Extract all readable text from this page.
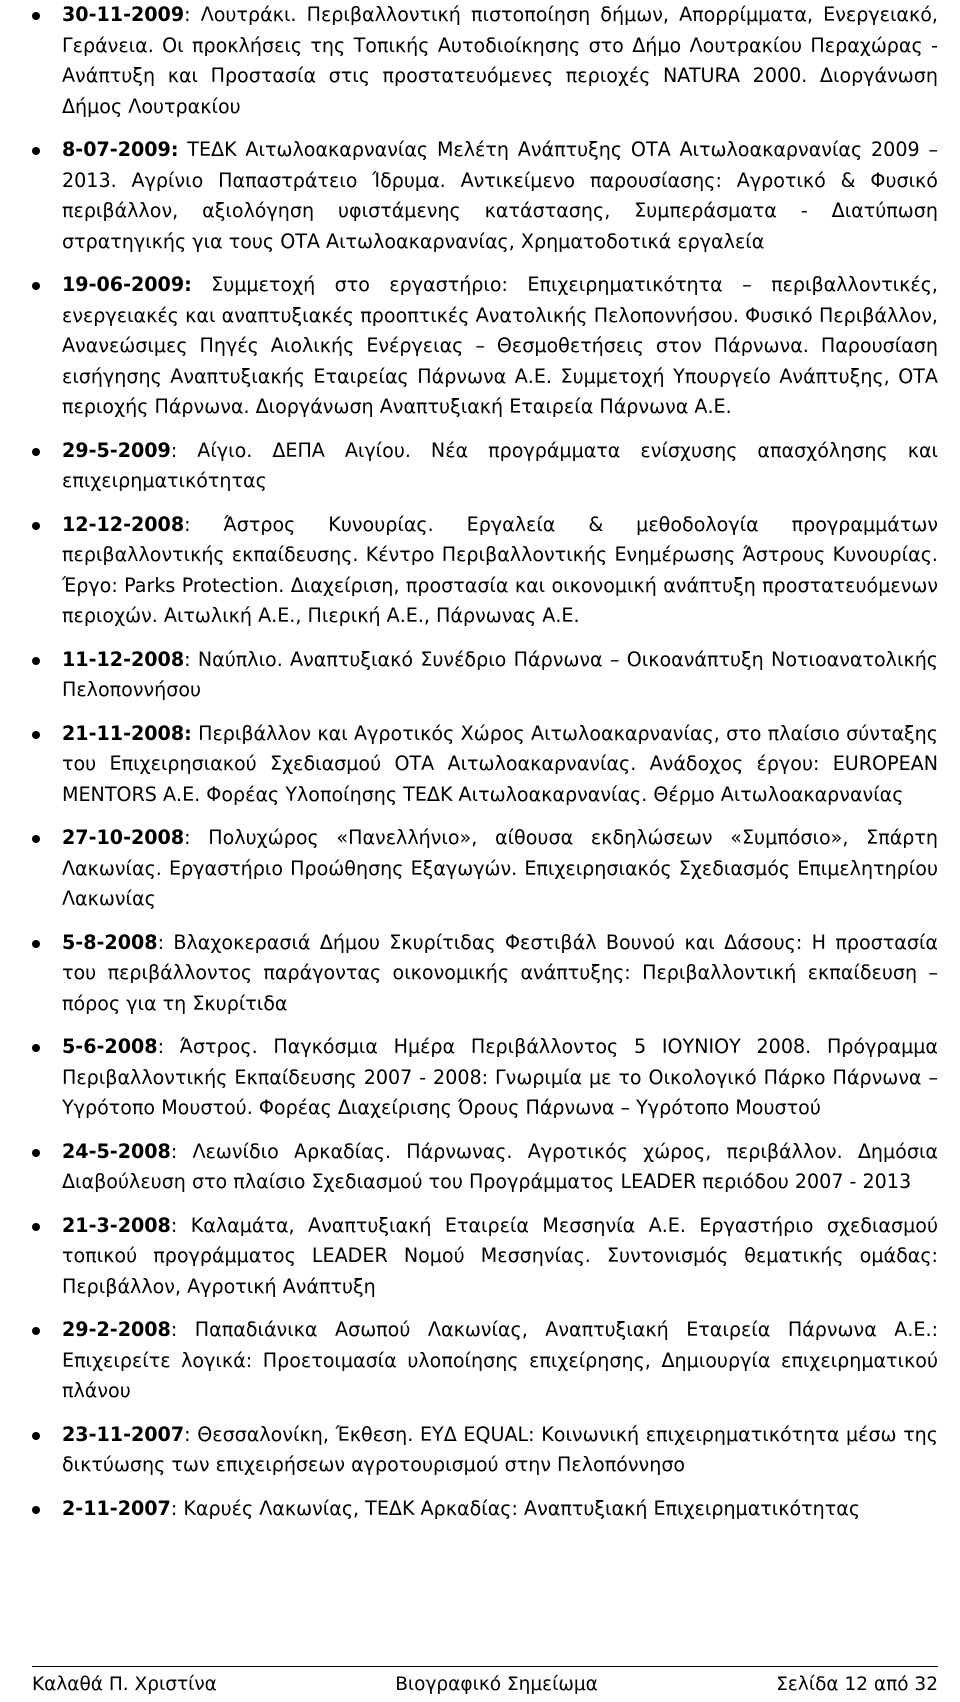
30-11-2009: Λουτράκι. Περιβαλλοντική πιστοποίηση δήμων, Απορρίμματα, Ενεργειακό, Γεράνεια. Οι προκλήσεις της Τοπικής Αυτοδιοίκησης στο Δήμο Λουτρακίου Περαχώρας - Ανάπτυξη και Προστασία στις προστατευόμενες περιοχές NATURA 2000. Διοργάνωση Δήμος Λουτρακίου
8-07-2009: ΤΕΔΚ Αιτωλοακαρνανίας Μελέτη Ανάπτυξης ΟΤΑ Αιτωλοακαρνανίας 2009 – 2013. Αγρίνιο Παπαστράτειο Ίδρυμα. Αντικείμενο παρουσίασης: Αγροτικό & Φυσικό περιβάλλον, αξιολόγηση υφιστάμενης κατάστασης, Συμπεράσματα - Διατύπωση στρατηγικής για τους ΟΤΑ Αιτωλοακαρνανίας, Χρηματοδοτικά εργαλεία
19-06-2009: Συμμετοχή στο εργαστήριο: Επιχειρηματικότητα – περιβαλλοντικές, ενεργειακές και αναπτυξιακές προοπτικές Ανατολικής Πελοποννήσου. Φυσικό Περιβάλλον, Ανανεώσιμες Πηγές Αιολικής Ενέργειας – Θεσμοθετήσεις στον Πάρνωνα. Παρουσίαση εισήγησης Αναπτυξιακής Εταιρείας Πάρνωνα Α.Ε. Συμμετοχή Υπουργείο Ανάπτυξης, ΟΤΑ περιοχής Πάρνωνα. Διοργάνωση Αναπτυξιακή Εταιρεία Πάρνωνα Α.Ε.
29-5-2009: Αίγιο. ΔΕΠΑ Αιγίου. Νέα προγράμματα ενίσχυσης απασχόλησης και επιχειρηματικότητας
12-12-2008: Άστρος Κυνουρίας. Εργαλεία & μεθοδολογία προγραμμάτων περιβαλλοντικής εκπαίδευσης. Κέντρο Περιβαλλοντικής Ενημέρωσης Άστρους Κυνουρίας. Έργο: Parks Protection. Διαχείριση, προστασία και οικονομική ανάπτυξη προστατευόμενων περιοχών. Αιτωλική Α.Ε., Πιερική Α.Ε., Πάρνωνας Α.Ε.
11-12-2008: Ναύπλιο. Αναπτυξιακό Συνέδριο Πάρνωνα – Οικοανάπτυξη Νοτιοανατολικής Πελοποννήσου
21-11-2008: Περιβάλλον και Αγροτικός Χώρος Αιτωλοακαρνανίας, στο πλαίσιο σύνταξης του Επιχειρησιακού Σχεδιασμού ΟΤΑ Αιτωλοακαρνανίας. Ανάδοχος έργου: EUROPEAN MENTORS Α.Ε. Φορέας Υλοποίησης ΤΕΔΚ Αιτωλοακαρνανίας. Θέρμο Αιτωλοακαρνανίας
27-10-2008: Πολυχώρος «Πανελλήνιο», αίθουσα εκδηλώσεων «Συμπόσιο», Σπάρτη Λακωνίας. Εργαστήριο Προώθησης Εξαγωγών. Επιχειρησιακός Σχεδιασμός Επιμελητηρίου Λακωνίας
5-8-2008: Βλαχοκερασιά Δήμου Σκυρίτιδας Φεστιβάλ Βουνού και Δάσους: Η προστασία του περιβάλλοντος παράγοντας οικονομικής ανάπτυξης: Περιβαλλοντική εκπαίδευση – πόρος για τη Σκυρίτιδα
5-6-2008: Άστρος. Παγκόσμια Ημέρα Περιβάλλοντος 5 ΙΟΥΝΙΟΥ 2008. Πρόγραμμα Περιβαλλοντικής Εκπαίδευσης 2007 - 2008: Γνωριμία με το Οικολογικό Πάρκο Πάρνωνα – Υγρότοπο Μουστού. Φορέας Διαχείρισης Όρους Πάρνωνα – Υγρότοπο Μουστού
24-5-2008: Λεωνίδιο Αρκαδίας. Πάρνωνας. Αγροτικός χώρος, περιβάλλον. Δημόσια Διαβούλευση στο πλαίσιο Σχεδιασμού του Προγράμματος LEADER περιόδου 2007 - 2013
21-3-2008: Καλαμάτα, Αναπτυξιακή Εταιρεία Μεσσηνία Α.Ε. Εργαστήριο σχεδιασμού τοπικού προγράμματος LEADER Νομού Μεσσηνίας. Συντονισμός θεματικής ομάδας: Περιβάλλον, Αγροτική Ανάπτυξη
29-2-2008: Παπαδιάνικα Ασωπού Λακωνίας, Αναπτυξιακή Εταιρεία Πάρνωνα Α.Ε.: Επιχειρείτε λογικά: Προετοιμασία υλοποίησης επιχείρησης, Δημιουργία επιχειρηματικού πλάνου
23-11-2007: Θεσσαλονίκη, Έκθεση. ΕΥΔ EQUAL: Κοινωνική επιχειρηματικότητα μέσω της δικτύωσης των επιχειρήσεων αγροτουρισμού στην Πελοπόννησο
2-11-2007: Καρυές Λακωνίας, ΤΕΔΚ Αρκαδίας: Αναπτυξιακή Επιχειρηματικότητας
Καλαθά Π. Χριστίνα	Βιογραφικό Σημείωμα	Σελίδα 12 από 32
